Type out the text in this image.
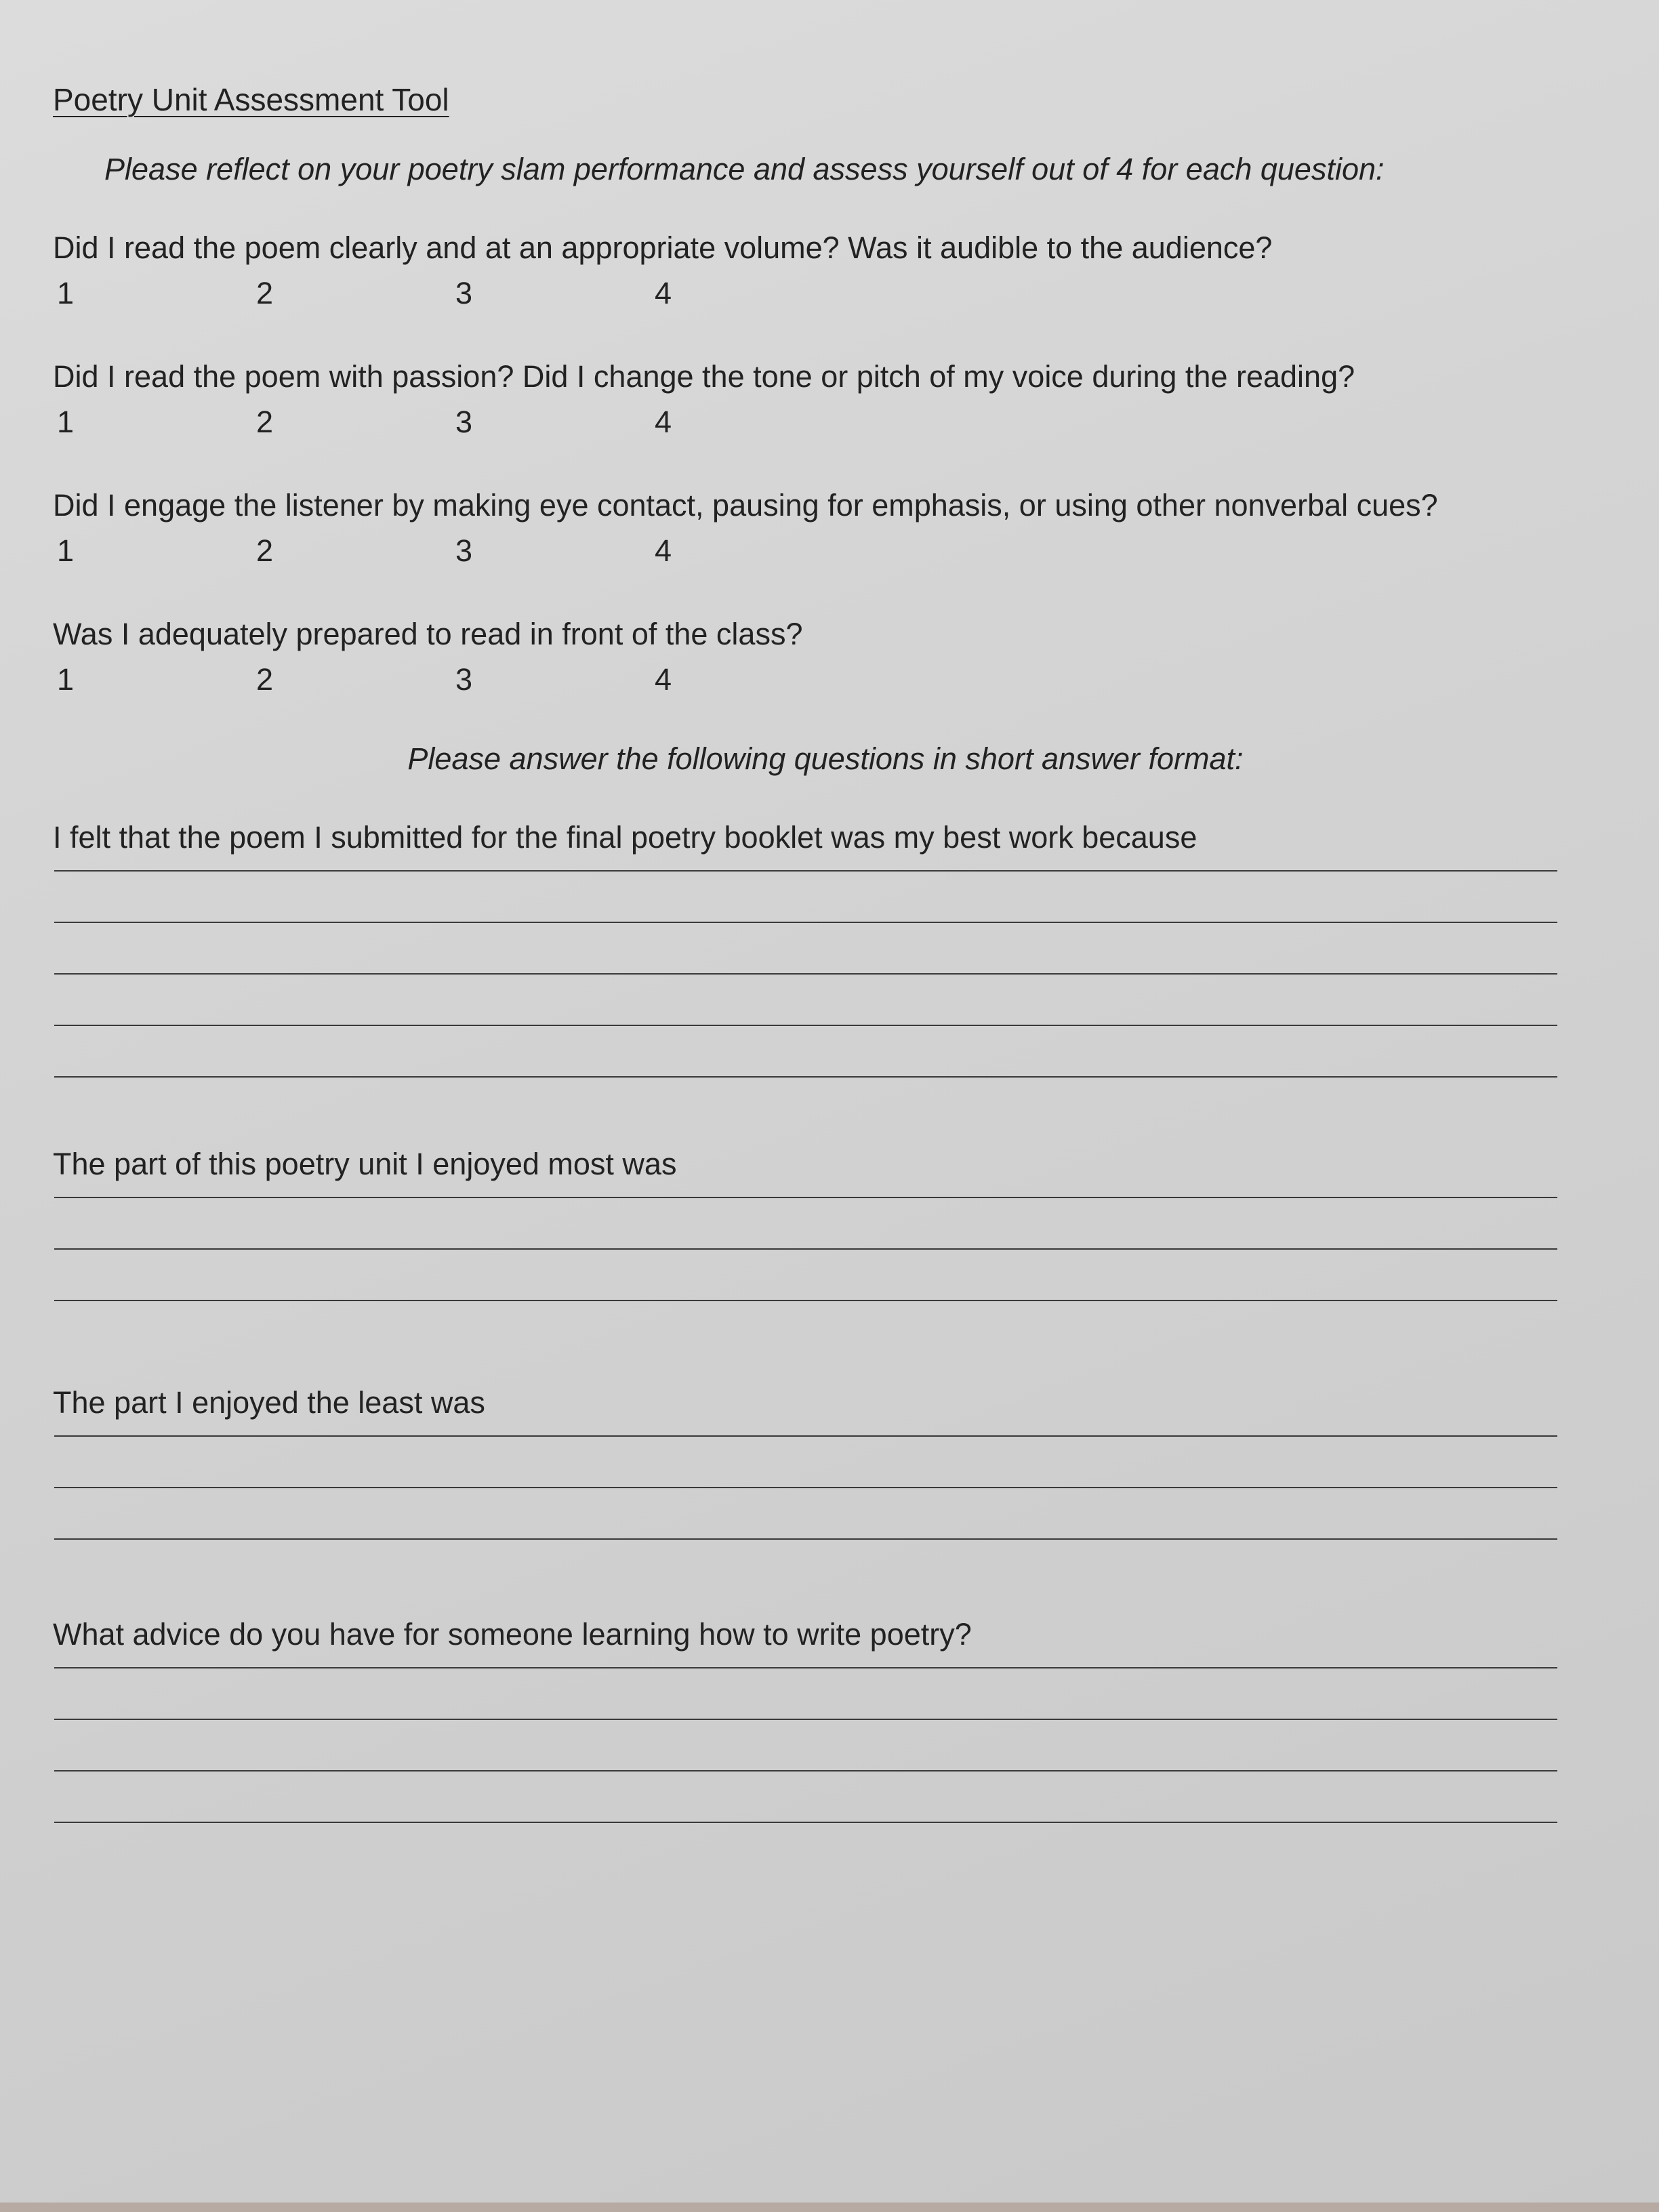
Poetry Unit Assessment Tool

Please reflect on your poetry slam performance and assess yourself out of 4 for each question:

Did I read the poem clearly and at an appropriate volume? Was it audible to the audience?

1	2	3	4

Did I read the poem with passion? Did I change the tone or pitch of my voice during the reading?

1	2	3	4

Did I engage the listener by making eye contact, pausing for emphasis, or using other nonverbal cues?

1	2	3	4

Was I adequately prepared to read in front of the class?

1	2	3	4

Please answer the following questions in short answer format:

I felt that the poem I submitted for the final poetry booklet was my best work because

The part of this poetry unit I enjoyed most was

The part I enjoyed the least was

What advice do you have for someone learning how to write poetry?
